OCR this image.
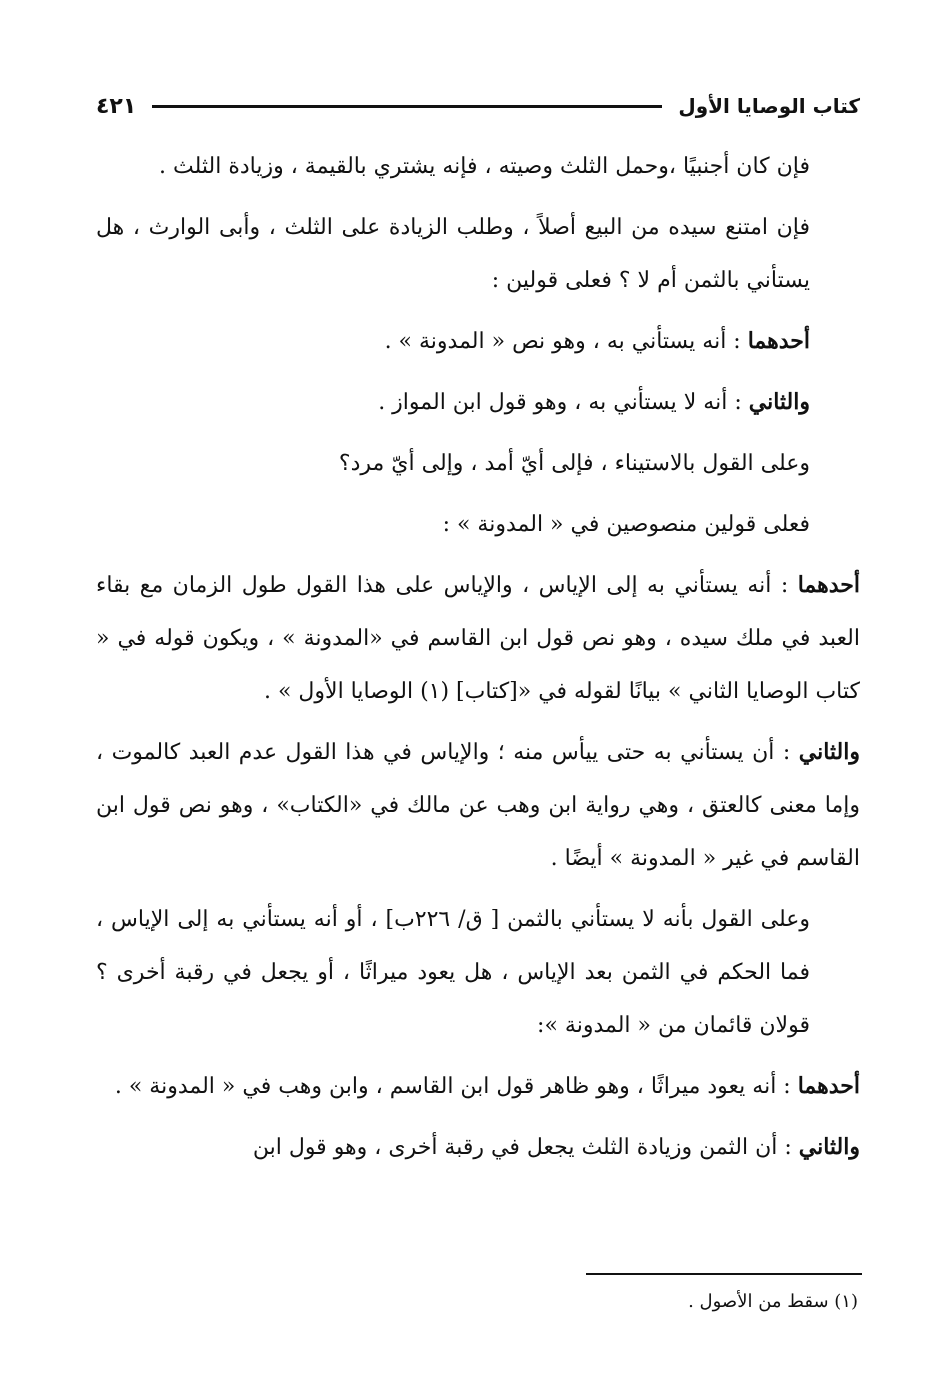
كتاب الوصايا الأول
٤٢١

فإن كان أجنبيًا ،وحمل الثلث وصيته ، فإنه يشتري بالقيمة ، وزيادة الثلث .

فإن امتنع سيده من البيع أصلاً ، وطلب الزيادة على الثلث ، وأبى الوارث ، هل يستأني بالثمن أم لا ؟ فعلى قولين :

أحدهما : أنه يستأني به ، وهو نص « المدونة » .

والثاني : أنه لا يستأني به ، وهو قول ابن المواز .

وعلى القول بالاستيناء ، فإلى أيّ أمد ، وإلى أيّ مرد؟

فعلى قولين منصوصين في « المدونة » :

أحدهما : أنه يستأني به إلى الإياس ، والإياس على هذا القول طول الزمان مع بقاء العبد في ملك سيده ، وهو نص قول ابن القاسم في «المدونة » ، ويكون قوله في « كتاب الوصايا الثاني » بيانًا لقوله في «[كتاب] (١) الوصايا الأول » .

والثاني : أن يستأني به حتى ييأس منه ؛ والإياس في هذا القول عدم العبد كالموت ، وإما معنى كالعتق ، وهي رواية ابن وهب عن مالك في «الكتاب» ، وهو نص قول ابن القاسم في غير « المدونة » أيضًا .

وعلى القول بأنه لا يستأني بالثمن [ ق/ ٢٢٦ب] ، أو أنه يستأني به إلى الإياس ، فما الحكم في الثمن بعد الإياس ، هل يعود ميراثًا ، أو يجعل في رقبة أخرى ؟ قولان قائمان من « المدونة »:

أحدهما : أنه يعود ميراثًا ، وهو ظاهر قول ابن القاسم ، وابن وهب في « المدونة » .

والثاني : أن الثمن وزيادة الثلث يجعل في رقبة أخرى ، وهو قول ابن

(١) سقط من الأصول .
